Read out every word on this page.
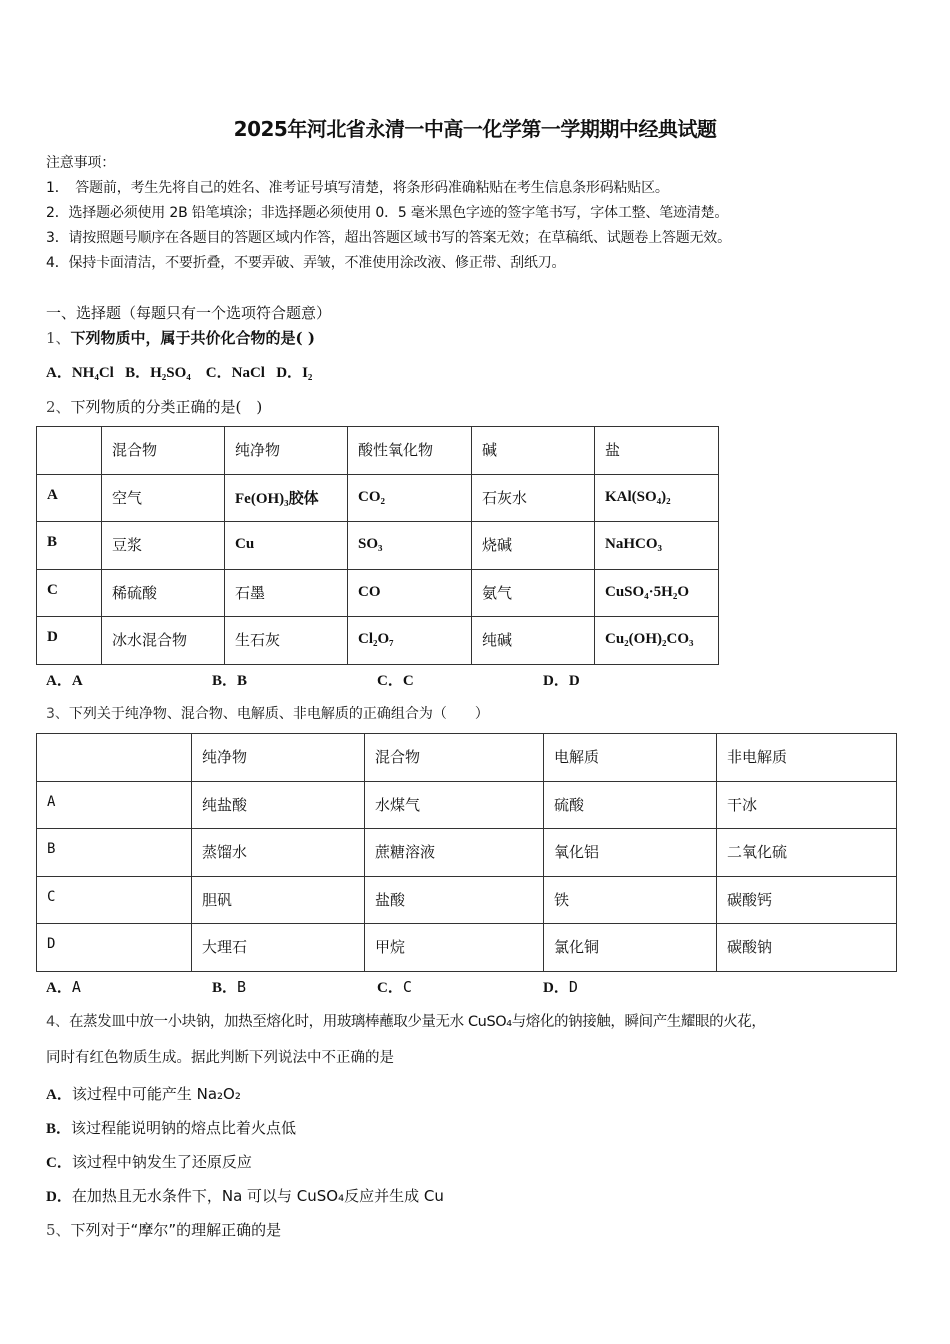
2025年河北省永清一中高一化学第一学期期中经典试题
注意事项：
1．　答题前，考生先将自己的姓名、准考证号填写清楚，将条形码准确粘贴在考生信息条形码粘贴区。
2．选择题必须使用 2B 铅笔填涂；非选择题必须使用 0．5 毫米黑色字迹的签字笔书写，字体工整、笔迹清楚。
3．请按照题号顺序在各题目的答题区域内作答，超出答题区域书写的答案无效；在草稿纸、试题卷上答题无效。
4．保持卡面清洁，不要折叠，不要弄破、弄皱，不准使用涂改液、修正带、刮纸刀。
一、选择题（每题只有一个选项符合题意）
1、下列物质中，属于共价化合物的是( )
A．NH₄Cl B．H₂SO₄ C．NaCl D．I₂
2、下列物质的分类正确的是(　)
	混合物	纯净物	酸性氧化物	碱	盐
A	空气	Fe(OH)₃胶体	CO₂	石灰水	KAl(SO₄)₂
B	豆浆	Cu	SO₃	烧碱	NaHCO₃
C	稀硫酸	石墨	CO	氨气	CuSO₄·5H₂O
D	冰水混合物	生石灰	Cl₂O₇	纯碱	Cu₂(OH)₂CO₃
A．A	B．B	C．C	D．D
3、下列关于纯净物、混合物、电解质、非电解质的正确组合为（　　）
	纯净物	混合物	电解质	非电解质
A	纯盐酸	水煤气	硫酸	干冰
B	蒸馏水	蔗糖溶液	氧化铝	二氧化硫
C	胆矾	盐酸	铁	碳酸钙
D	大理石	甲烷	氯化铜	碳酸钠
A．A	B．B	C．C	D．D
4、在蒸发皿中放一小块钠，加热至熔化时，用玻璃棒蘸取少量无水 CuSO₄与熔化的钠接触，瞬间产生耀眼的火花，
同时有红色物质生成。据此判断下列说法中不正确的是
A．该过程中可能产生 Na₂O₂
B．该过程能说明钠的熔点比着火点低
C．该过程中钠发生了还原反应
D．在加热且无水条件下，Na 可以与 CuSO₄反应并生成 Cu
5、下列对于“摩尔”的理解正确的是
